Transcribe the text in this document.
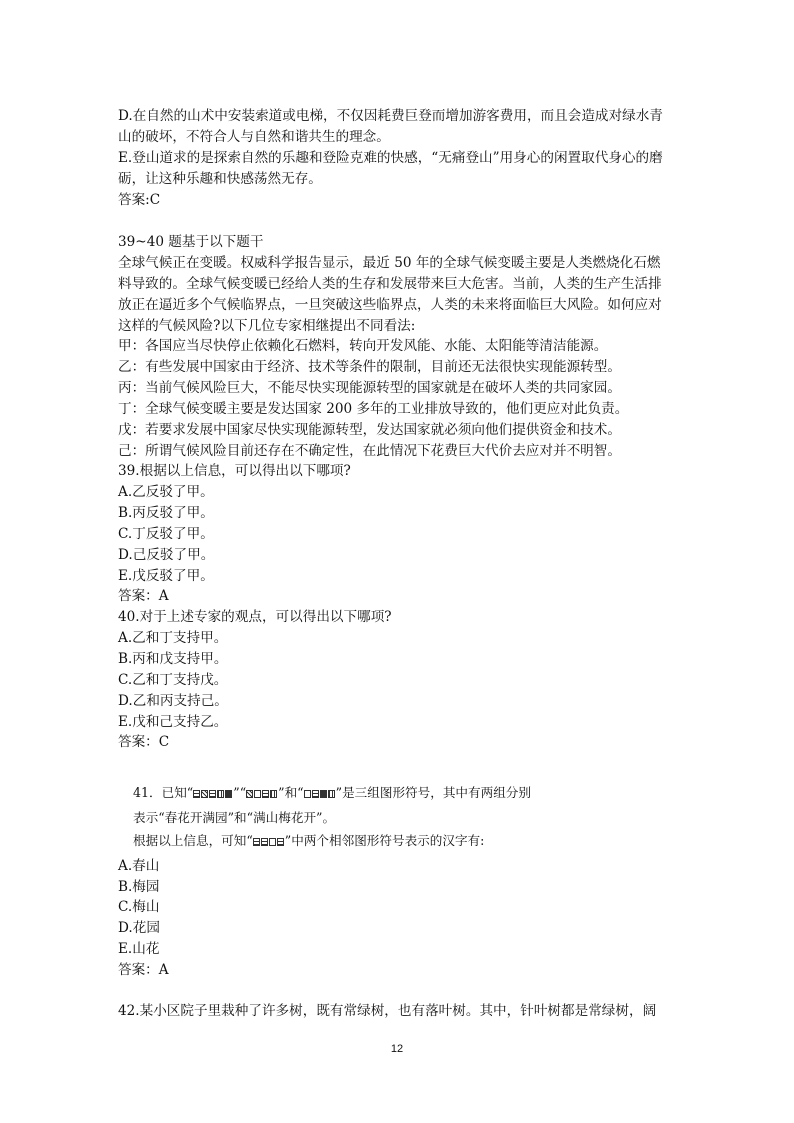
D.在自然的山术中安装索道或电梯，不仅因耗费巨登而增加游客费用，而且会造成对绿水青
山的破坏，不符合人与自然和谐共生的理念。
E.登山道求的是探索自然的乐趣和登险克难的快感，“无痛登山”用身心的闲置取代身心的磨
砺，让这种乐趣和快感荡然无存。
答案:C
39~40 题基于以下题干
全球气候正在变暖。权威科学报告显示，最近 50 年的全球气候变暖主要是人类燃烧化石燃
料导致的。全球气候变暖已经给人类的生存和发展带来巨大危害。当前，人类的生产生活排
放正在逼近多个气候临界点，一旦突破这些临界点，人类的未来将面临巨大风险。如何应对
这样的气候风险?以下几位专家相继提出不同看法:
甲：各国应当尽快停止依赖化石燃料，转向开发风能、水能、太阳能等清洁能源。
乙：有些发展中国家由于经济、技术等条件的限制，目前还无法很快实现能源转型。
丙：当前气候风险巨大，不能尽快实现能源转型的国家就是在破坏人类的共同家园。
丁：全球气候变暖主要是发达国家 200 多年的工业排放导致的，他们更应对此负责。
戊：若要求发展中国家尽快实现能源转型，发达国家就必须向他们提供资金和技术。
己：所谓气候风险目前还存在不确定性，在此情况下花费巨大代价去应对并不明智。
39.根据以上信息，可以得出以下哪项?
A.乙反驳了甲。
B.丙反驳了甲。
C.丁反驳了甲。
D.己反驳了甲。
E.戊反驳了甲。
答案：A
40.对于上述专家的观点，可以得出以下哪项?
A.乙和丁支持甲。
B.丙和戊支持甲。
C.乙和丁支持戊。
D.乙和丙支持己。
E.戊和己支持乙。
答案：C
41．已知“	”“	”和“	”是三组图形符号，其中有两组分别
表示“春花开满园”和“满山梅花开”。
根据以上信息，可知“	”中两个相邻图形符号表示的汉字有:
A.春山
B.梅园
C.梅山
D.花园
E.山花
答案：A
42.某小区院子里栽种了许多树，既有常绿树，也有落叶树。其中，针叶树都是常绿树，阔
12
